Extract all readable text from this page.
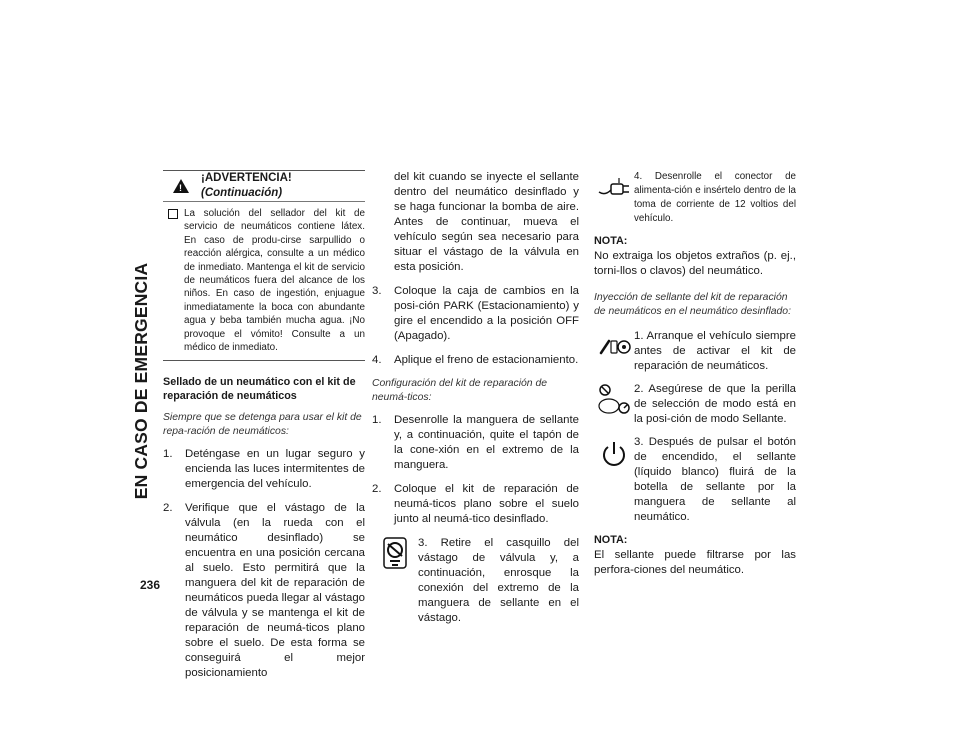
EN CASO DE EMERGENCIA
236
!
¡ADVERTENCIA! (Continuación)
La solución del sellador del kit de servicio de neumáticos contiene látex. En caso de produ-cirse sarpullido o reacción alérgica, consulte a un médico de inmediato. Mantenga el kit de servicio de neumáticos fuera del alcance de los niños. En caso de ingestión, enjuague inmediatamente la boca con abundante agua y beba también mucha agua. ¡No provoque el vómito! Consulte a un médico de inmediato.
Sellado de un neumático con el kit de reparación de neumáticos
Siempre que se detenga para usar el kit de repa-ración de neumáticos:
1.	Deténgase en un lugar seguro y encienda las luces intermitentes de emergencia del vehículo.
2.	Verifique que el vástago de la válvula (en la rueda con el neumático desinflado) se encuentra en una posición cercana al suelo. Esto permitirá que la manguera del kit de reparación de neumáticos pueda llegar al vástago de válvula y se mantenga el kit de reparación de neumá-ticos plano sobre el suelo. De esta forma se conseguirá el mejor posicionamiento
del kit cuando se inyecte el sellante dentro del neumático desinflado y se haga funcionar la bomba de aire. Antes de continuar, mueva el vehículo según sea necesario para situar el vástago de la válvula en esta posición.
3.	Coloque la caja de cambios en la posi-ción PARK (Estacionamiento) y gire el encendido a la posición OFF (Apagado).
4.	Aplique el freno de estacionamiento.
Configuración del kit de reparación de neumá-ticos:
1.	Desenrolle la manguera de sellante y, a continuación, quite el tapón de la cone-xión en el extremo de la manguera.
2.	Coloque el kit de reparación de neumá-ticos plano sobre el suelo junto al neumá-tico desinflado.
3. Retire el casquillo del vástago de válvula y, a continuación, enrosque la conexión del extremo de la manguera de sellante en el vástago.
4. Desenrolle el conector de alimenta-ción e insértelo dentro de la toma de corriente de 12 voltios del vehículo.
NOTA:
No extraiga los objetos extraños (p. ej., torni-llos o clavos) del neumático.
Inyección de sellante del kit de reparación de neumáticos en el neumático desinflado:
1. Arranque el vehículo siempre antes de activar el kit de reparación de neumáticos.
2. Asegúrese de que la perilla de selección de modo está en la posi-ción de modo Sellante.
3. Después de pulsar el botón de encendido, el sellante (líquido blanco) fluirá de la botella de sellante por la manguera de sellante al neumático.
NOTA:
El sellante puede filtrarse por las perfora-ciones del neumático.
